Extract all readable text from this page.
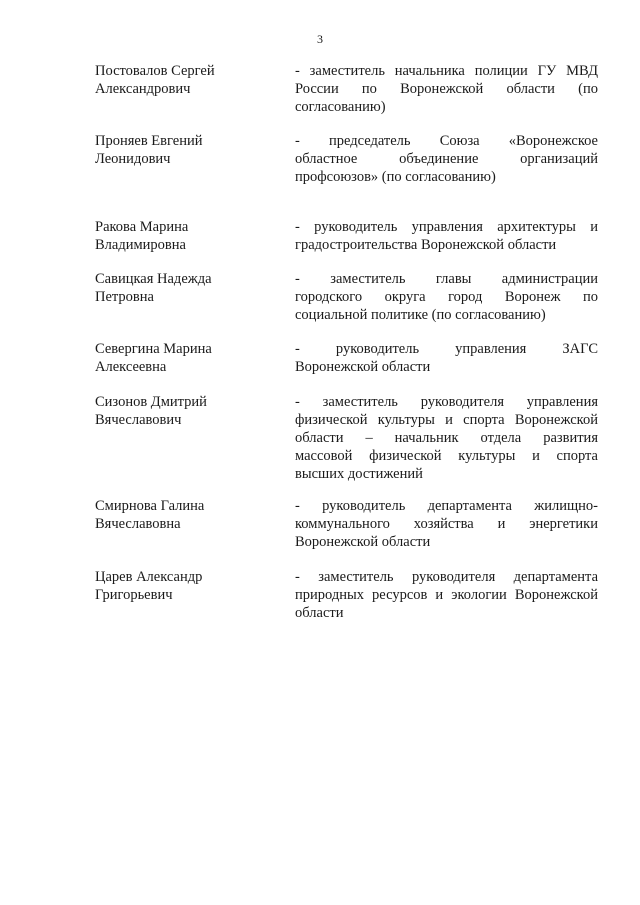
3
Постовалов Сергей
Александрович
- заместитель начальника полиции ГУ МВД
России по Воронежской области (по
согласованию)
Проняев Евгений
Леонидович
- председатель Союза «Воронежское
областное объединение организаций
профсоюзов» (по согласованию)
Ракова Марина
Владимировна
- руководитель управления архитектуры и
градостроительства Воронежской области
Савицкая Надежда
Петровна
- заместитель главы администрации
городского округа город Воронеж по
социальной политике (по согласованию)
Севергина Марина
Алексеевна
- руководитель управления ЗАГС
Воронежской области
Сизонов Дмитрий
Вячеславович
- заместитель руководителя управления
физической культуры и спорта Воронежской
области – начальник отдела развития
массовой физической культуры и спорта
высших достижений
Смирнова Галина
Вячеславовна
- руководитель департамента жилищно-
коммунального хозяйства и энергетики
Воронежской области
Царев Александр
Григорьевич
- заместитель руководителя департамента
природных ресурсов и экологии Воронежской
области
